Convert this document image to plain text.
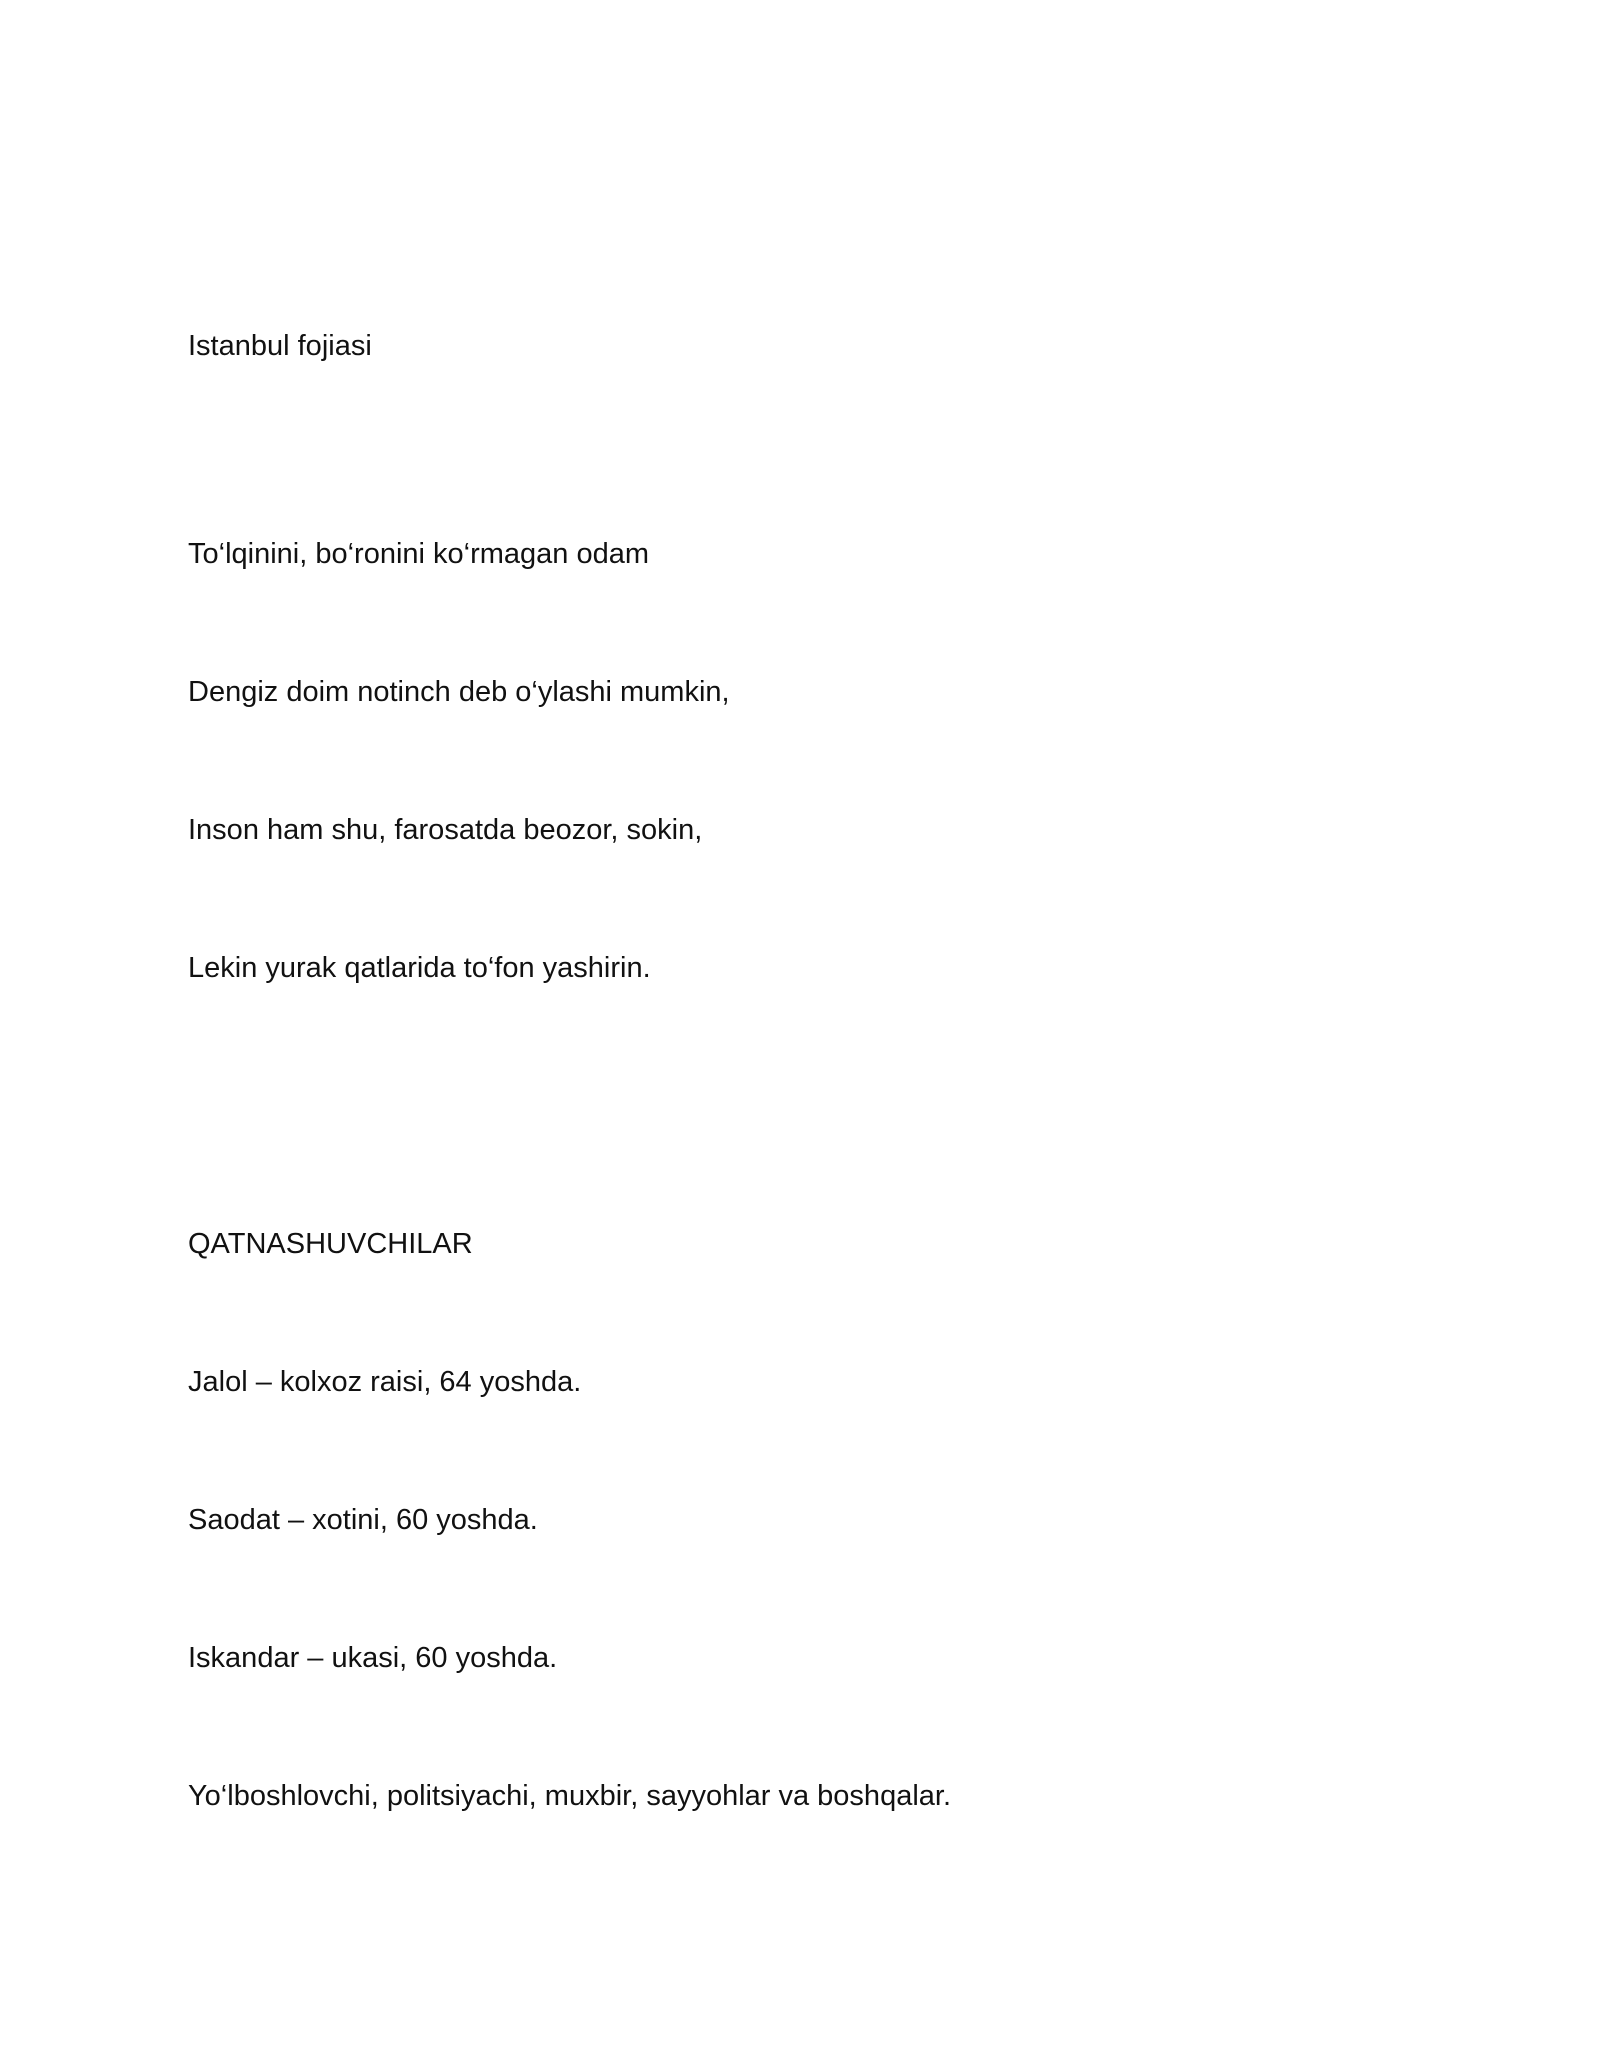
Istanbul fojiasi
To‘lqinini, bo‘ronini ko‘rmagan odam
Dengiz doim notinch deb o‘ylashi mumkin,
Inson ham shu, farosatda beozor, sokin,
Lekin yurak qatlarida to‘fon yashirin.
QATNASHUVCHILAR
Jalol – kolxoz raisi, 64 yoshda.
Saodat – xotini, 60 yoshda.
Iskandar – ukasi, 60 yoshda.
Yo‘lboshlovchi, politsiyachi, muxbir, sayyohlar va boshqalar.
